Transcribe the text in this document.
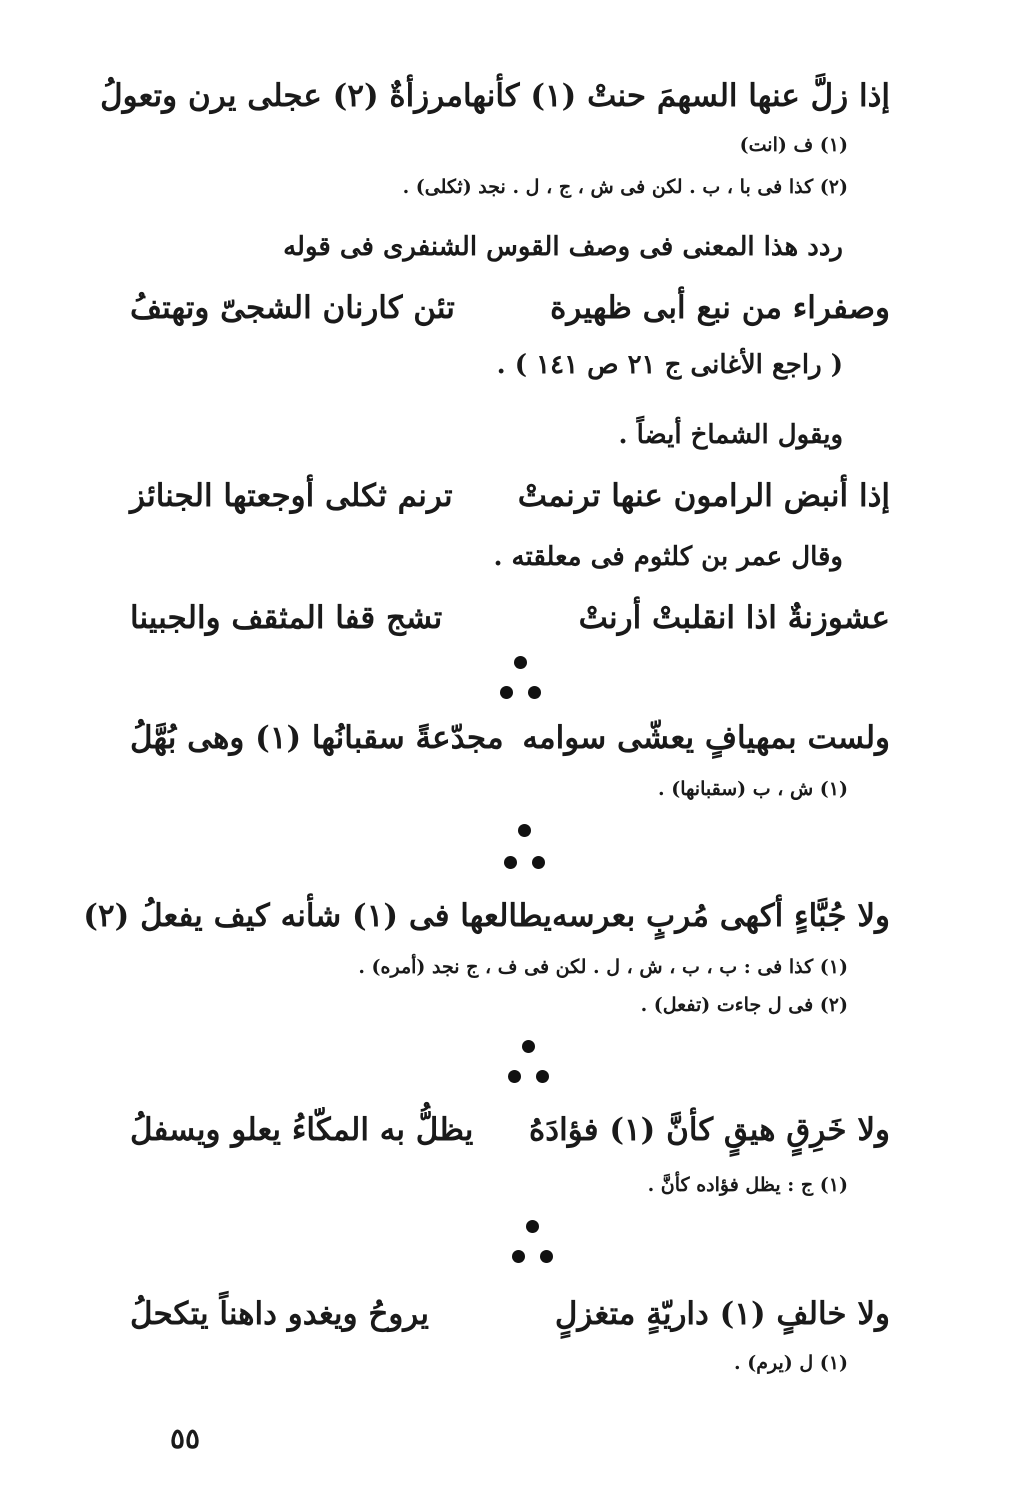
إذا زلَّ عنها السهمَ حنتْ (١) كأنها
مرزأةٌ (٢) عجلى يرن وتعولُ
(١) ف (انت)
(٢) كذا فى با ، ب . لكن فى ش ، ج ، ل . نجد (ثكلى) .
ردد هذا المعنى فى وصف القوس الشنفرى فى قوله
وصفراء من نبع أبى ظهيرة
تئن كارنان الشجىّ وتهتفُ
( راجع الأغانى ج ٢١ ص ١٤١ ) .
ويقول الشماخ أيضاً .
إذا أنبض الرامون عنها ترنمتْ
ترنم ثكلى أوجعتها الجنائز
وقال عمر بن كلثوم فى معلقته .
عشوزنةٌ اذا انقلبتْ أرنتْ
تشج قفا المثقف والجبينا
ولست بمهيافٍ يعشّى سوامه
مجدّعةً سقبانُها (١) وهى بُهَّلُ
(١) ش ، ب (سقبانها) .
ولا جُبَّاءٍ أكهى مُربٍ بعرسه
يطالعها فى (١) شأنه كيف يفعلُ (٢)
(١) كذا فى : ب ، ب ، ش ، ل . لكن فى ف ، ج نجد (أمره) .
(٢) فى ل جاءت (تفعل) .
ولا خَرِقٍ هيقٍ كأنَّ (١) فؤادَهُ
يظلُّ به المكّاءُ يعلو ويسفلُ
(١) ج : يظل فؤاده كأنَّ .
ولا خالفٍ (١) داريّةٍ متغزلٍ
يروحُ ويغدو داهناً يتكحلُ
(١) ل (يرم) .
٥٥
